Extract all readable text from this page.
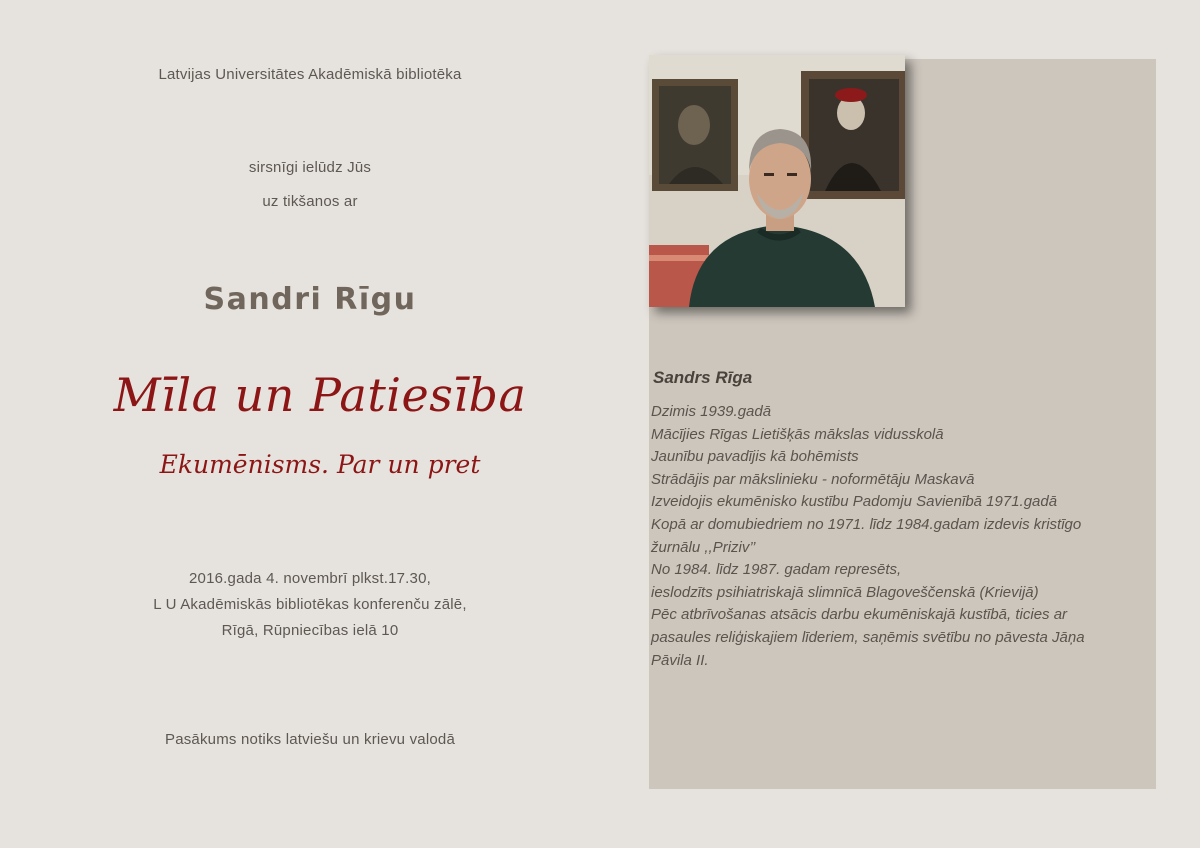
Latvijas Universitātes Akadēmiskā bibliotēka
sirsnīgi ielūdz Jūs
uz tikšanos ar
Sandri Rīgu
Mīla un Patiesība
Ekumēnisms. Par un pret
2016.gada 4. novembrī plkst.17.30,
L U Akadēmiskās bibliotēkas konferenču zālē,
Rīgā, Rūpniecības ielā 10
Pasākums notiks latviešu un krievu valodā
Sandrs Rīga
Dzimis 1939.gadā
Mācījies Rīgas Lietišķās mākslas vidusskolā
Jaunību pavadījis kā bohēmists
Strādājis par mākslinieku - noformētāju Maskavā
Izveidojis ekumēnisko kustību Padomju Savienībā 1971.gadā
Kopā ar domubiedriem no 1971. līdz 1984.gadam izdevis kristīgo
žurnālu ,,Priziv’’
No 1984. līdz 1987. gadam represēts,
ieslodzīts psihiatriskajā slimnīcā Blagoveščenskā (Krievijā)
Pēc atbrīvošanas atsācis darbu ekumēniskajā kustībā, ticies ar
pasaules reliģiskajiem līderiem, saņēmis svētību no pāvesta Jāņa
Pāvila II.
